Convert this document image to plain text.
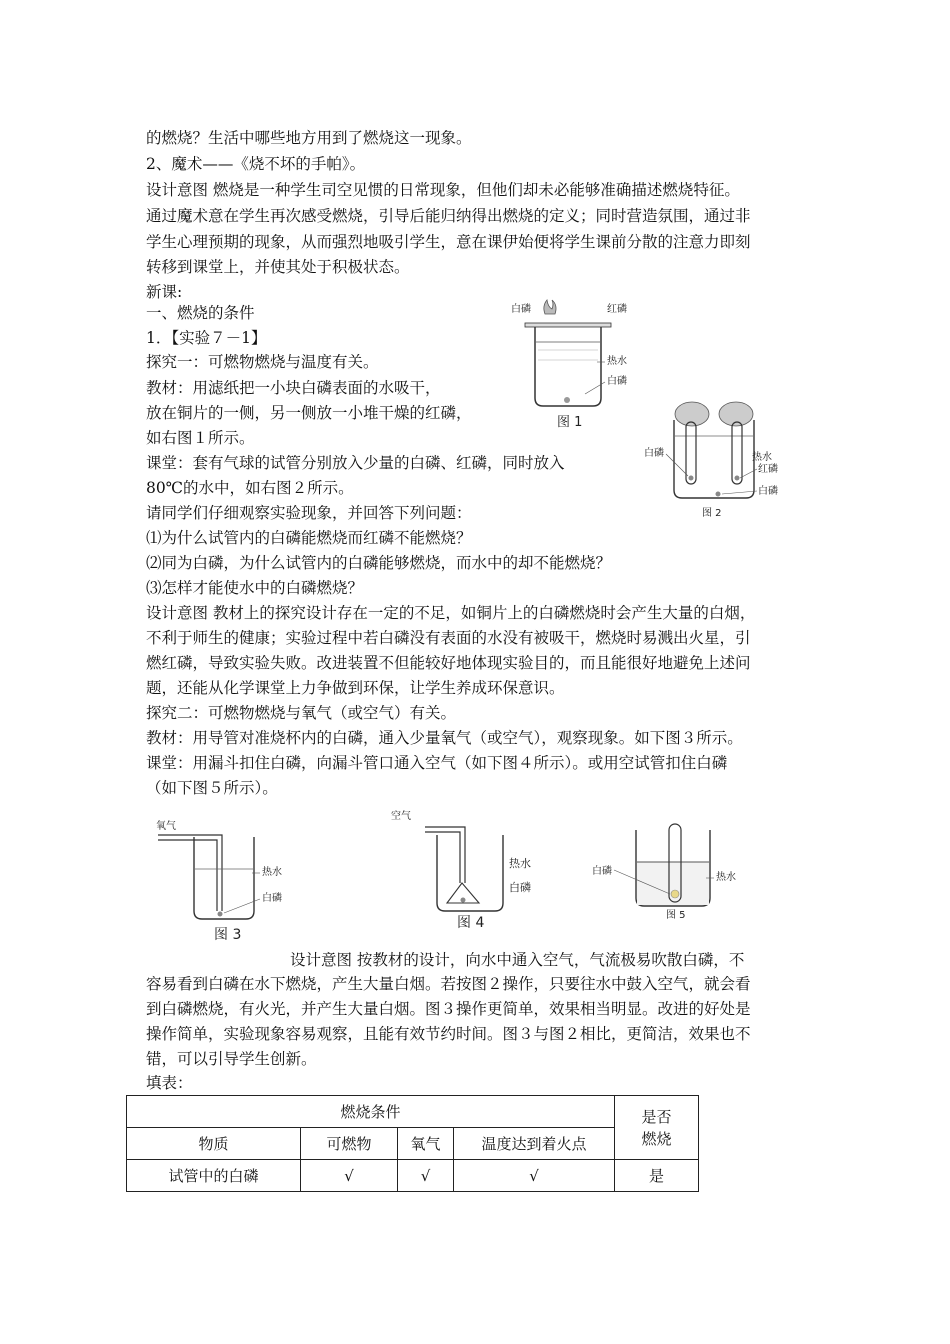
的燃烧？生活中哪些地方用到了燃烧这一现象。
2、魔术——《烧不坏的手帕》。
设计意图 燃烧是一种学生司空见惯的日常现象，但他们却未必能够准确描述燃烧特征。
通过魔术意在学生再次感受燃烧，引导后能归纳得出燃烧的定义；同时营造氛围，通过非
学生心理预期的现象，从而强烈地吸引学生，意在课伊始便将学生课前分散的注意力即刻
转移到课堂上，并使其处于积极状态。
新课:
一、燃烧的条件
1．【实验７－1】
探究一：可燃物燃烧与温度有关。
教材：用滤纸把一小块白磷表面的水吸干，
放在铜片的一侧，另一侧放一小堆干燥的红磷，
如右图１所示。
课堂：套有气球的试管分别放入少量的白磷、红磷，同时放入
80℃的水中，如右图２所示。
请同学们仔细观察实验现象，并回答下列问题：
⑴为什么试管内的白磷能燃烧而红磷不能燃烧？
⑵同为白磷，为什么试管内的白磷能够燃烧，而水中的却不能燃烧？
⑶怎样才能使水中的白磷燃烧？
设计意图 教材上的探究设计存在一定的不足，如铜片上的白磷燃烧时会产生大量的白烟，
不利于师生的健康；实验过程中若白磷没有表面的水没有被吸干，燃烧时易溅出火星，引
燃红磷，导致实验失败。改进装置不但能较好地体现实验目的，而且能很好地避免上述问
题，还能从化学课堂上力争做到环保，让学生养成环保意识。
探究二：可燃物燃烧与氧气（或空气）有关。
教材：用导管对准烧杯内的白磷，通入少量氧气（或空气），观察现象。如下图３所示。
课堂：用漏斗扣住白磷，向漏斗管口通入空气（如下图４所示）。或用空试管扣住白磷
（如下图５所示）。
设计意图 按教材的设计，向水中通入空气，气流极易吹散白磷，不
容易看到白磷在水下燃烧，产生大量白烟。若按图２操作，只要往水中鼓入空气，就会看
到白磷燃烧，有火光，并产生大量白烟。图３操作更简单，效果相当明显。改进的好处是
操作简单，实验现象容易观察，且能有效节约时间。图３与图２相比，更简洁，效果也不
错，可以引导学生创新。
填表：
白磷	红磷
热水
白磷
图 1
白磷	热水
红磷
白磷
图 2
氧气
热水
白磷
图 3
空气
热水
白磷
图 4
白磷
热水
图 5
燃烧条件				是否
燃烧
物质	可燃物	氧气	温度达到着火点	
试管中的白磷	√	√	√	是
